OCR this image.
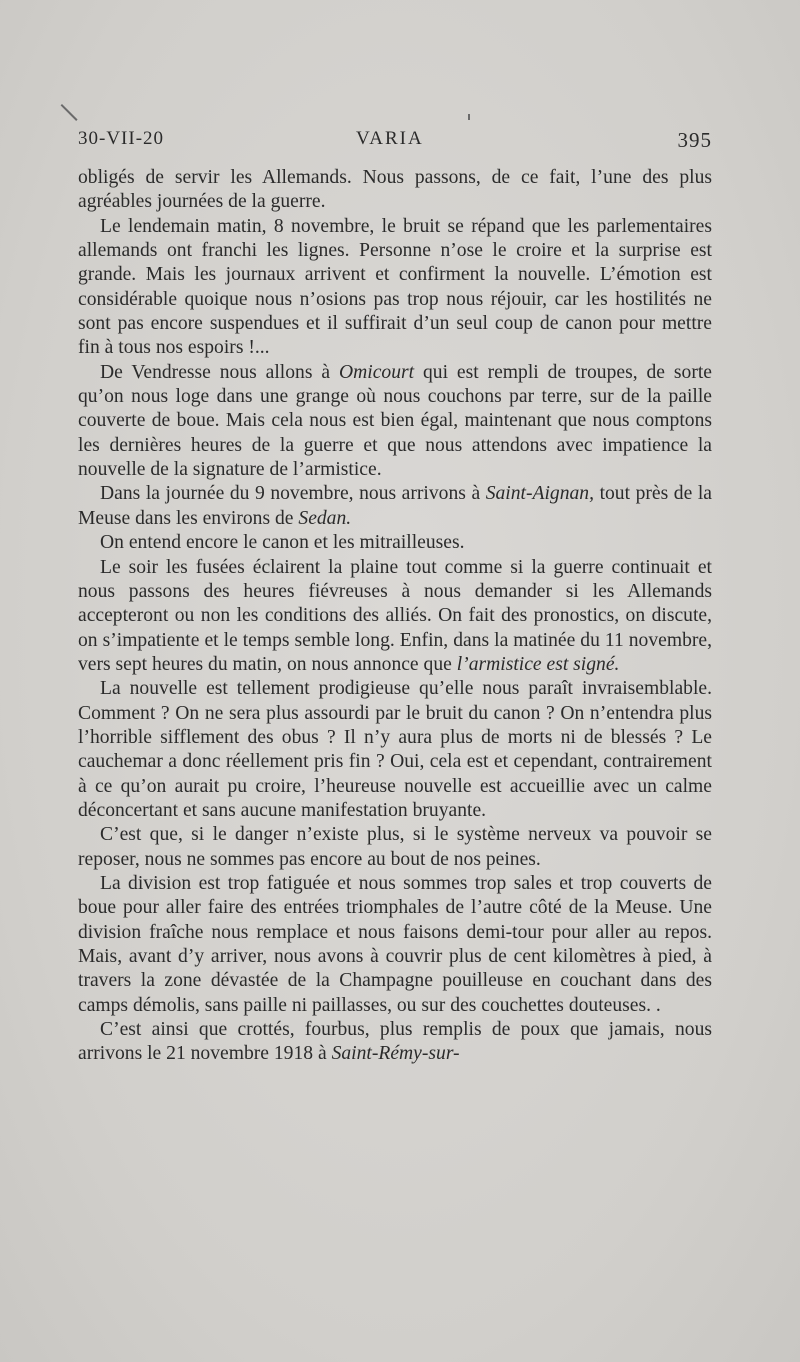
30-VII-20	VARIA	395

obligés de servir les Allemands. Nous passons, de ce fait, l’une des plus agréables journées de la guerre.

Le lendemain matin, 8 novembre, le bruit se répand que les parlementaires allemands ont franchi les lignes. Personne n’ose le croire et la surprise est grande. Mais les journaux arrivent et confirment la nouvelle. L’émotion est considérable quoique nous n’osions pas trop nous réjouir, car les hostilités ne sont pas encore suspendues et il suffirait d’un seul coup de canon pour mettre fin à tous nos espoirs !...

De Vendresse nous allons à Omicourt qui est rempli de troupes, de sorte qu’on nous loge dans une grange où nous couchons par terre, sur de la paille couverte de boue. Mais cela nous est bien égal, maintenant que nous comptons les dernières heures de la guerre et que nous attendons avec impatience la nouvelle de la signature de l’armistice.

Dans la journée du 9 novembre, nous arrivons à Saint-Aignan, tout près de la Meuse dans les environs de Sedan.

On entend encore le canon et les mitrailleuses.

Le soir les fusées éclairent la plaine tout comme si la guerre continuait et nous passons des heures fiévreuses à nous demander si les Allemands accepteront ou non les conditions des alliés. On fait des pronostics, on discute, on s’impatiente et le temps semble long. Enfin, dans la matinée du 11 novembre, vers sept heures du matin, on nous annonce que l’armistice est signé.

La nouvelle est tellement prodigieuse qu’elle nous paraît invraisemblable. Comment ? On ne sera plus assourdi par le bruit du canon ? On n’entendra plus l’horrible sifflement des obus ? Il n’y aura plus de morts ni de blessés ? Le cauchemar a donc réellement pris fin ? Oui, cela est et cependant, contrairement à ce qu’on aurait pu croire, l’heureuse nouvelle est accueillie avec un calme déconcertant et sans aucune manifestation bruyante.

C’est que, si le danger n’existe plus, si le système nerveux va pouvoir se reposer, nous ne sommes pas encore au bout de nos peines.

La division est trop fatiguée et nous sommes trop sales et trop couverts de boue pour aller faire des entrées triomphales de l’autre côté de la Meuse. Une division fraîche nous remplace et nous faisons demi-tour pour aller au repos. Mais, avant d’y arriver, nous avons à couvrir plus de cent kilomètres à pied, à travers la zone dévastée de la Champagne pouilleuse en couchant dans des camps démolis, sans paille ni paillasses, ou sur des couchettes douteuses. .

C’est ainsi que crottés, fourbus, plus remplis de poux que jamais, nous arrivons le 21 novembre 1918 à Saint-Rémy-sur-
